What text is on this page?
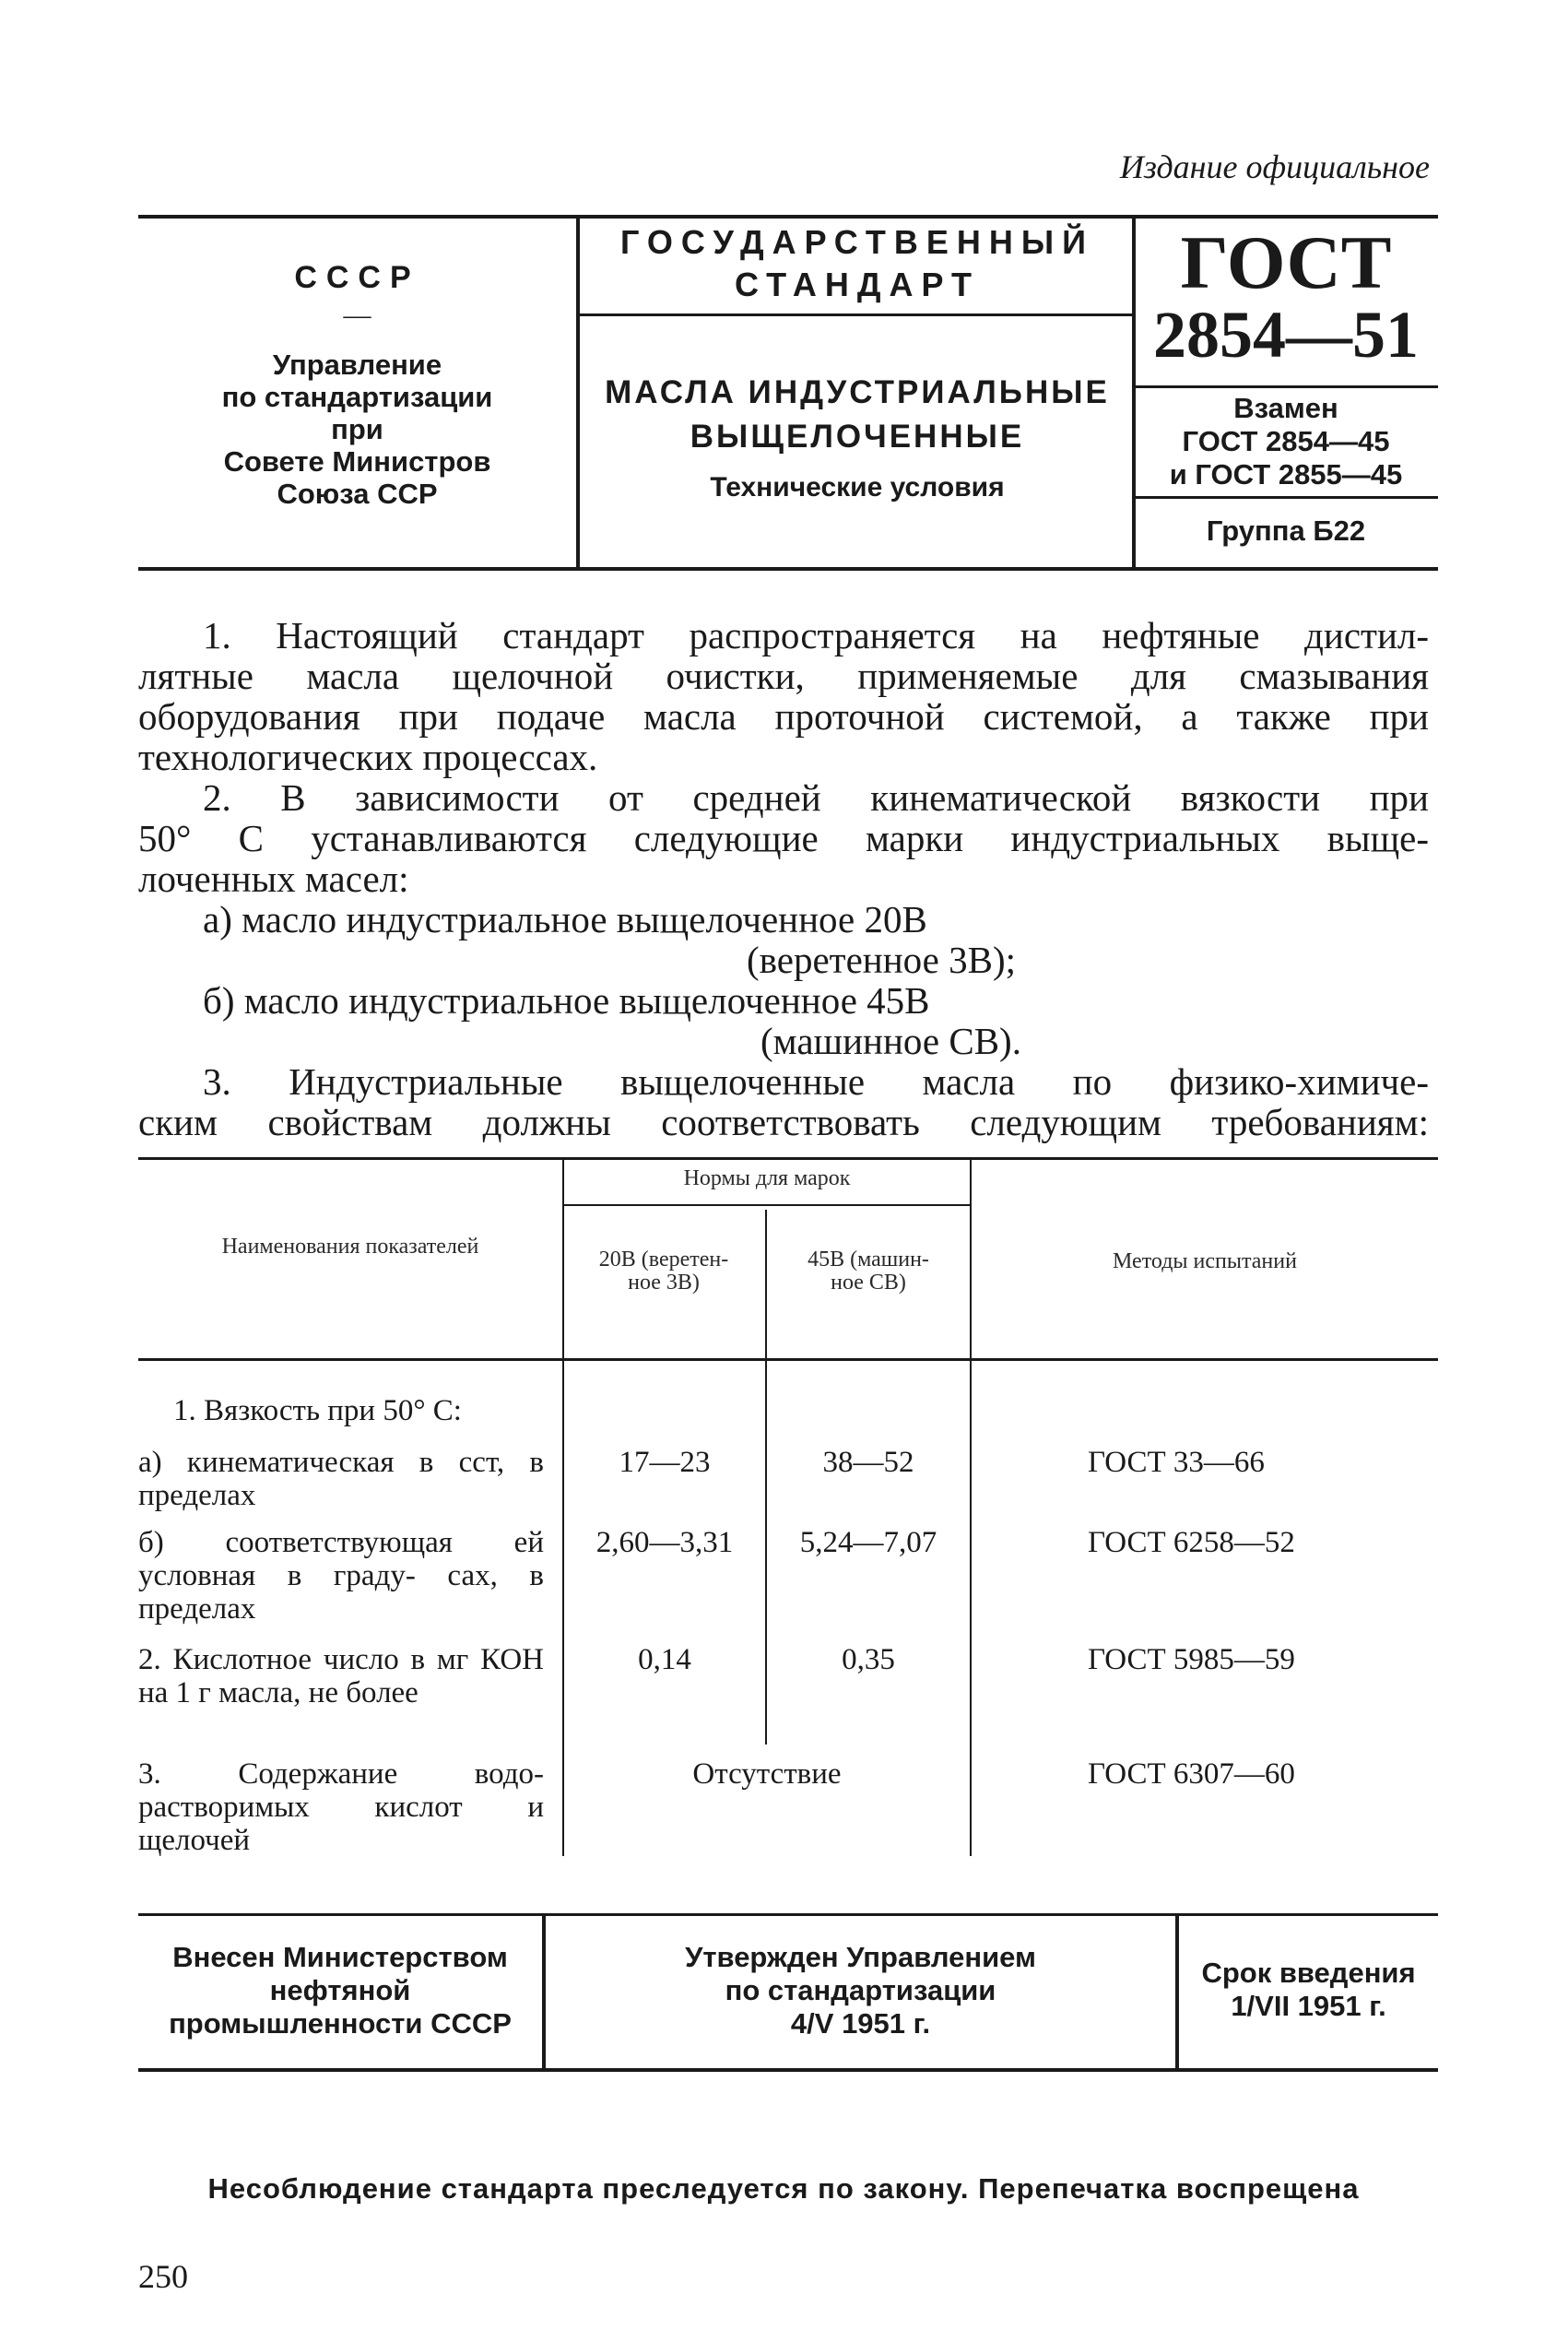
Издание официальное
СССР
—
Управление
по стандартизации
при
Совете Министров
Союза ССР
ГОСУДАРСТВЕННЫЙ
СТАНДАРТ
МАСЛА ИНДУСТРИАЛЬНЫЕ
ВЫЩЕЛОЧЕННЫЕ
Технические условия
ГОСТ
2854—51
Взамен
ГОСТ 2854—45
и ГОСТ 2855—45
Группа Б22
1. Настоящий стандарт распространяется на нефтяные дистил-
лятные масла щелочной очистки, применяемые для смазывания
оборудования при подаче масла проточной системой, а также при
технологических процессах.
2. В зависимости от средней кинематической вязкости при
50° С устанавливаются следующие марки индустриальных выще-
лоченных масел:
а) масло индустриальное выщелоченное 20В
(веретенное 3В);
б) масло индустриальное выщелоченное 45В
(машинное СВ).
3. Индустриальные выщелоченные масла по физико-химиче-
ским свойствам должны соответствовать следующим требованиям:
Наименования показателей
Нормы для марок
20В (веретен- ное 3В)
45В (машин- ное СВ)
Методы испытаний
1. Вязкость при 50° С:
а) кинематическая в сст, в пределах
17—23	38—52	ГОСТ 33—66
б) соответствующая ей условная в граду- сах, в пределах
2,60—3,31	5,24—7,07	ГОСТ 6258—52
2. Кислотное число в мг КОН на 1 г масла, не более
0,14	0,35	ГОСТ 5985—59
3. Содержание водо- растворимых кислот и щелочей
Отсутствие	ГОСТ 6307—60
Внесен Министерством
нефтяной
промышленности СССР
Утвержден Управлением
по стандартизации
4/V 1951 г.
Срок введения
1/VII 1951 г.
Несоблюдение стандарта преследуется по закону. Перепечатка воспрещена
250
